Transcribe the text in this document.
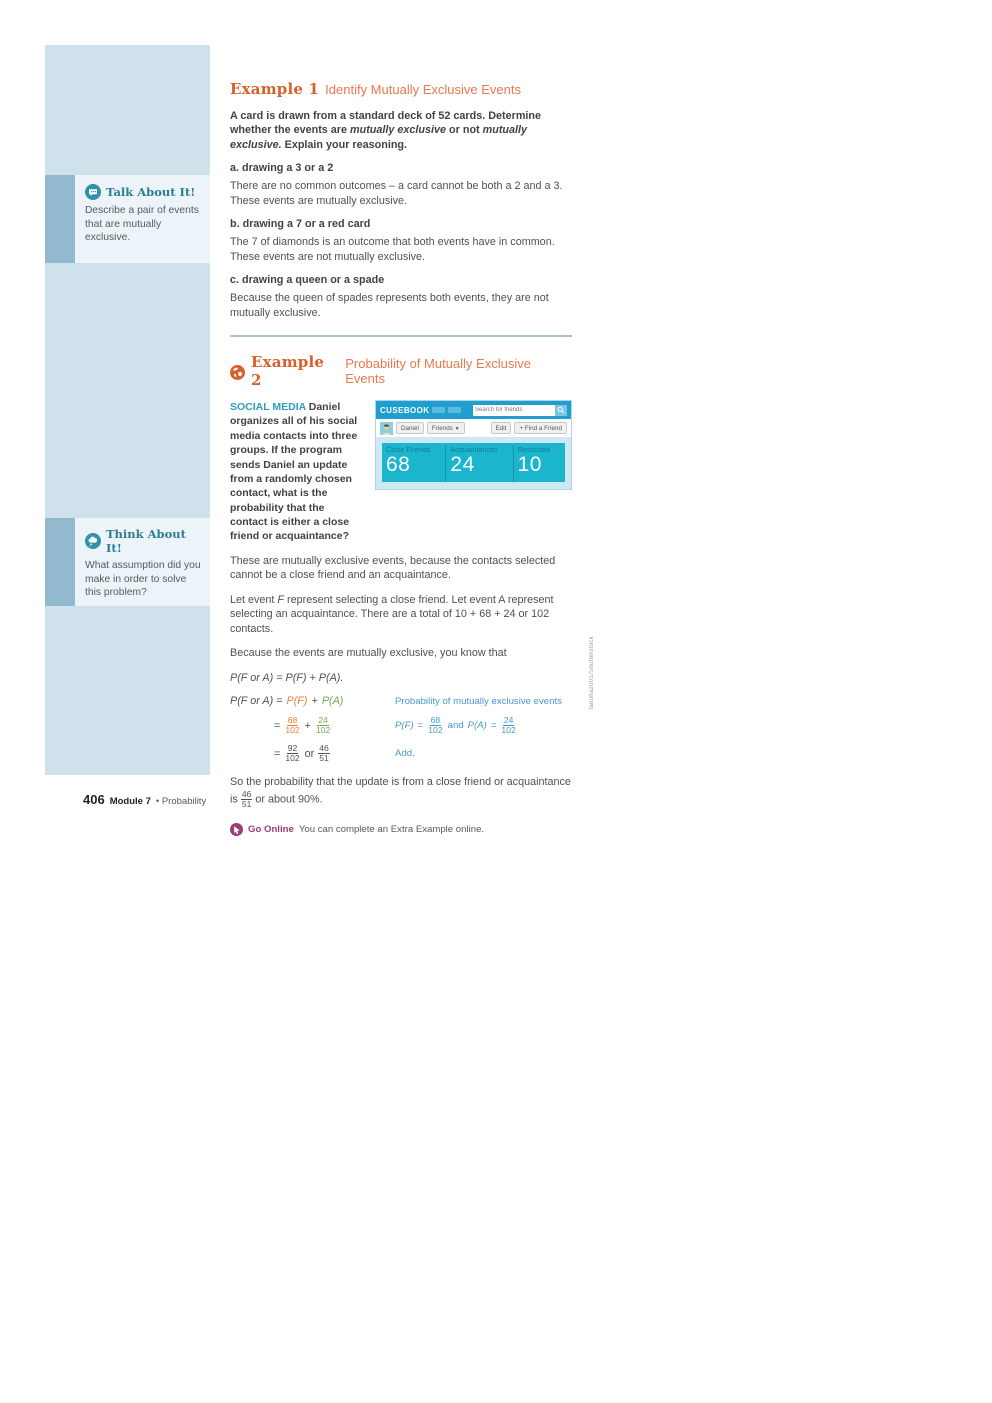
Talk About It!
Describe a pair of events that are mutually exclusive.
Think About It!
What assumption did you make in order to solve this problem?
Example 1 Identify Mutually Exclusive Events

A card is drawn from a standard deck of 52 cards. Determine whether the events are mutually exclusive or not mutually exclusive. Explain your reasoning.

a. drawing a 3 or a 2

There are no common outcomes – a card cannot be both a 2 and a 3. These events are mutually exclusive.

b. drawing a 7 or a red card

The 7 of diamonds is an outcome that both events have in common. These events are not mutually exclusive.

c. drawing a queen or a spade

Because the queen of spades represents both events, they are not mutually exclusive.

Example 2
Probability of Mutually Exclusive Events
CUSEBOOK
Search for friends
Daniel	Friends ▼	Edit	+ Find a Friend
Close Friends
68
Acquaintances
24
Restricted
10

SOCIAL MEDIA Daniel organizes all of his social media contacts into three groups. If the program sends Daniel an update from a randomly chosen contact, what is the probability that the contact is either a close friend or acquaintance?

These are mutually exclusive events, because the contacts selected cannot be a close friend and an acquaintance.

Let event F represent selecting a close friend. Let event A represent selecting an acquaintance. There are a total of 10 + 68 + 24 or 102 contacts.

Because the events are mutually exclusive, you know that

P(F or A) = P(F) + P(A).

P(F or A) = P(F) + P(A)	Probability of mutually exclusive events
= $\frac{68}{102} + \frac{24}{102}$	$P(F) = \frac{68}{102}$ and $P(A) = \frac{24}{102}$
= $\frac{92}{102}$ or $\frac{46}{51}$	Add.

So the probability that the update is from a close friend or acquaintance is $\frac{46}{51}$ or about 90%.

Go Online You can complete an Extra Example online.
406 Module 7 • Probability
tanuha2001/Shutterstock
